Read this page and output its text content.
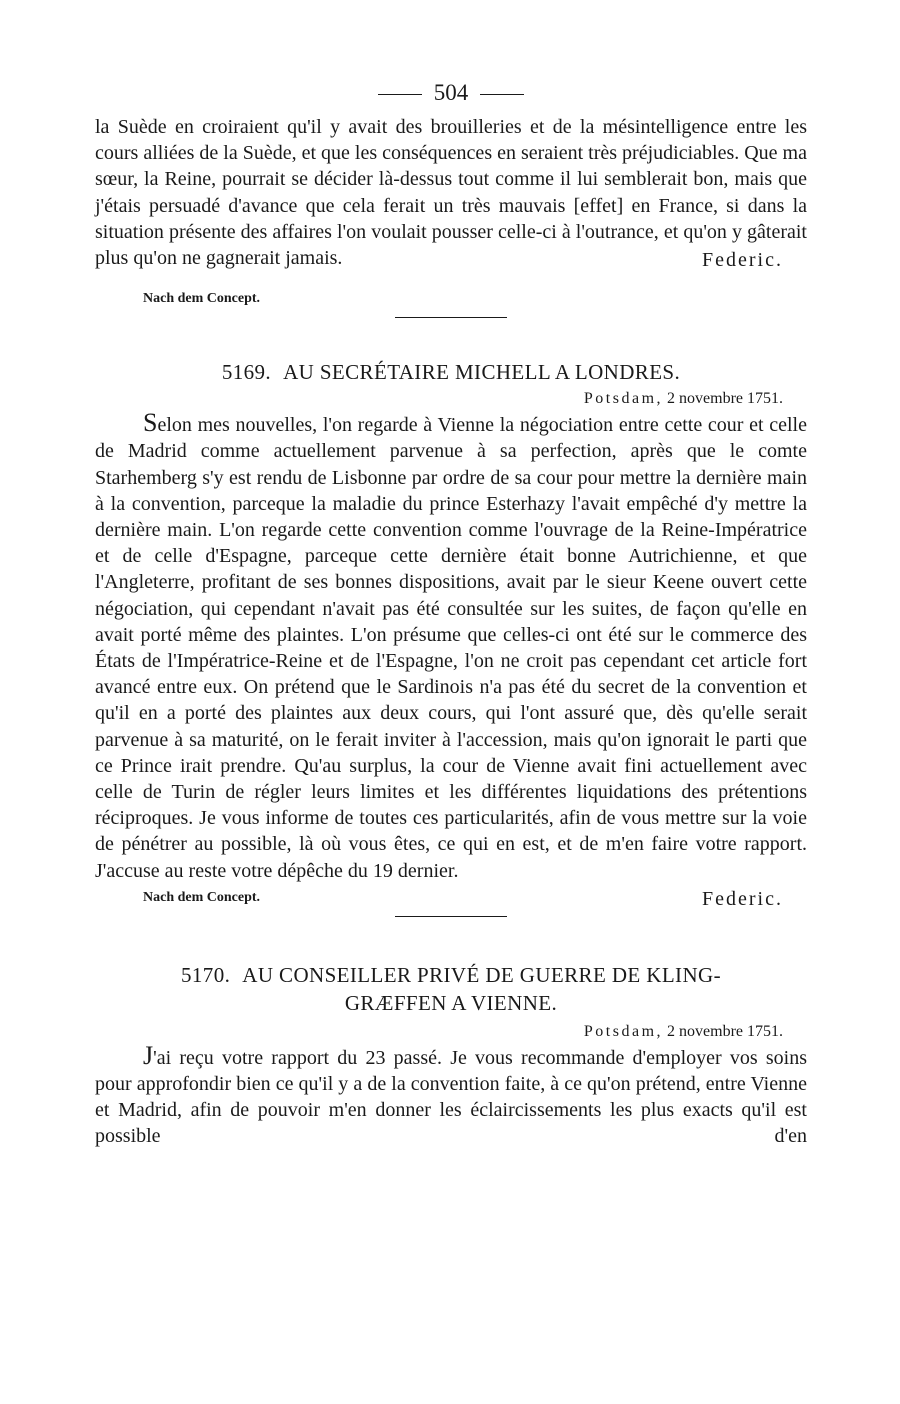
504

la Suède en croiraient qu'il y avait des brouilleries et de la mésintelligence entre les cours alliées de la Suède, et que les conséquences en seraient très préjudiciables. Que ma sœur, la Reine, pourrait se décider là-dessus tout comme il lui semblerait bon, mais que j'étais persuadé d'avance que cela ferait un très mauvais [effet] en France, si dans la situation présente des affaires l'on voulait pousser celle-ci à l'outrance, et qu'on y gâterait plus qu'on ne gagnerait jamais.	Federic.
Nach dem Concept.
5169. AU SECRÉTAIRE MICHELL A LONDRES.
Potsdam, 2 novembre 1751.

Selon mes nouvelles, l'on regarde à Vienne la négociation entre cette cour et celle de Madrid comme actuellement parvenue à sa perfection, après que le comte Starhemberg s'y est rendu de Lisbonne par ordre de sa cour pour mettre la dernière main à la convention, parceque la maladie du prince Esterhazy l'avait empêché d'y mettre la dernière main. L'on regarde cette convention comme l'ouvrage de la Reine-Impératrice et de celle d'Espagne, parceque cette dernière était bonne Autrichienne, et que l'Angleterre, profitant de ses bonnes dispositions, avait par le sieur Keene ouvert cette négociation, qui cependant n'avait pas été consultée sur les suites, de façon qu'elle en avait porté même des plaintes. L'on présume que celles-ci ont été sur le commerce des États de l'Impératrice-Reine et de l'Espagne, l'on ne croit pas cependant cet article fort avancé entre eux. On prétend que le Sardinois n'a pas été du secret de la convention et qu'il en a porté des plaintes aux deux cours, qui l'ont assuré que, dès qu'elle serait parvenue à sa maturité, on le ferait inviter à l'accession, mais qu'on ignorait le parti que ce Prince irait prendre. Qu'au surplus, la cour de Vienne avait fini actuellement avec celle de Turin de régler leurs limites et les différentes liquidations des prétentions réciproques. Je vous informe de toutes ces particularités, afin de vous mettre sur la voie de pénétrer au possible, là où vous êtes, ce qui en est, et de m'en faire votre rapport. J'accuse au reste votre dépêche du 19 dernier.

Nach dem Concept.	Federic.
5170. AU CONSEILLER PRIVÉ DE GUERRE DE KLING-
GRÆFFEN A VIENNE.
Potsdam, 2 novembre 1751.

J'ai reçu votre rapport du 23 passé. Je vous recommande d'employer vos soins pour approfondir bien ce qu'il y a de la convention faite, à ce qu'on prétend, entre Vienne et Madrid, afin de pouvoir m'en donner les éclaircissements les plus exacts qu'il est possible d'en
